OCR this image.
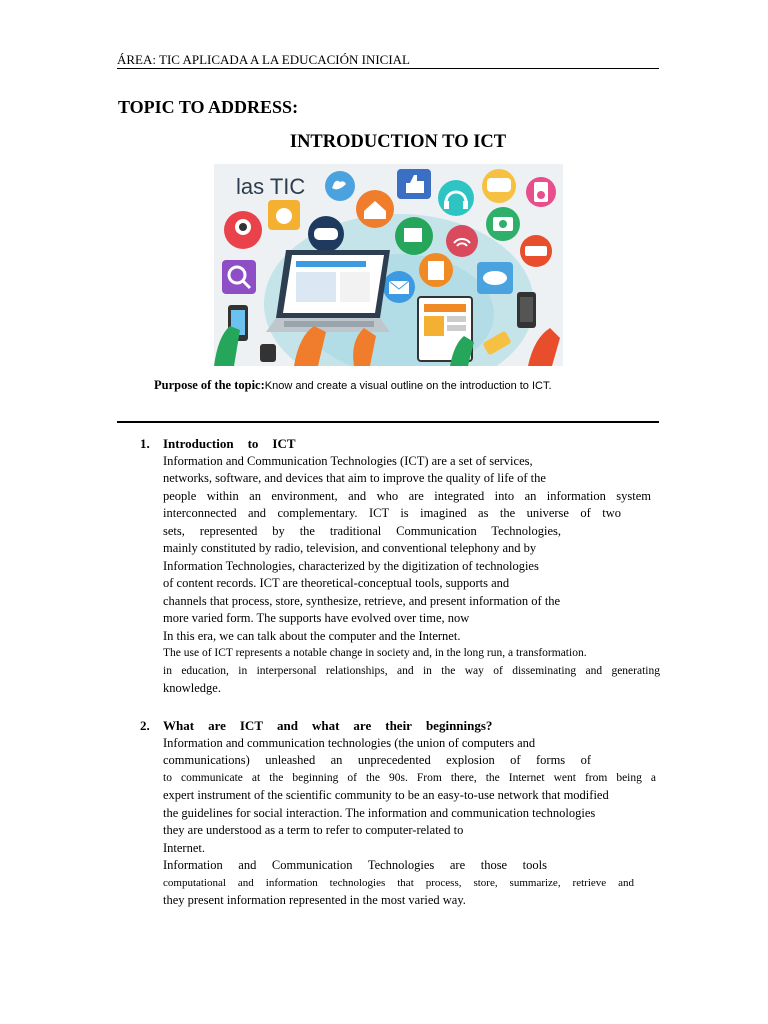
ÁREA: TIC APLICADA A LA EDUCACIÓN INICIAL
TOPIC TO ADDRESS:
INTRODUCTION TO ICT
las TIC
Purpose of the topic:Know and create a visual outline on the introduction to ICT.
1. Introduction to ICT
Information and Communication Technologies (ICT) are a set of services,
networks, software, and devices that aim to improve the quality of life of the
people within an environment, and who are integrated into an information system
interconnected and complementary. ICT is imagined as the universe of two
sets, represented by the traditional Communication Technologies,
mainly constituted by radio, television, and conventional telephony and by
Information Technologies, characterized by the digitization of technologies
of content records. ICT are theoretical-conceptual tools, supports and
channels that process, store, synthesize, retrieve, and present information of the
more varied form. The supports have evolved over time, now
In this era, we can talk about the computer and the Internet.
The use of ICT represents a notable change in society and, in the long run, a transformation.
in education, in interpersonal relationships, and in the way of disseminating and generating
knowledge.
2. What are ICT and what are their beginnings?
Information and communication technologies (the union of computers and
communications) unleashed an unprecedented explosion of forms of
to communicate at the beginning of the 90s. From there, the Internet went from being a
expert instrument of the scientific community to be an easy-to-use network that modified
the guidelines for social interaction. The information and communication technologies
they are understood as a term to refer to computer-related to
Internet.
Information and Communication Technologies are those tools
computational and information technologies that process, store, summarize, retrieve and
they present information represented in the most varied way.
